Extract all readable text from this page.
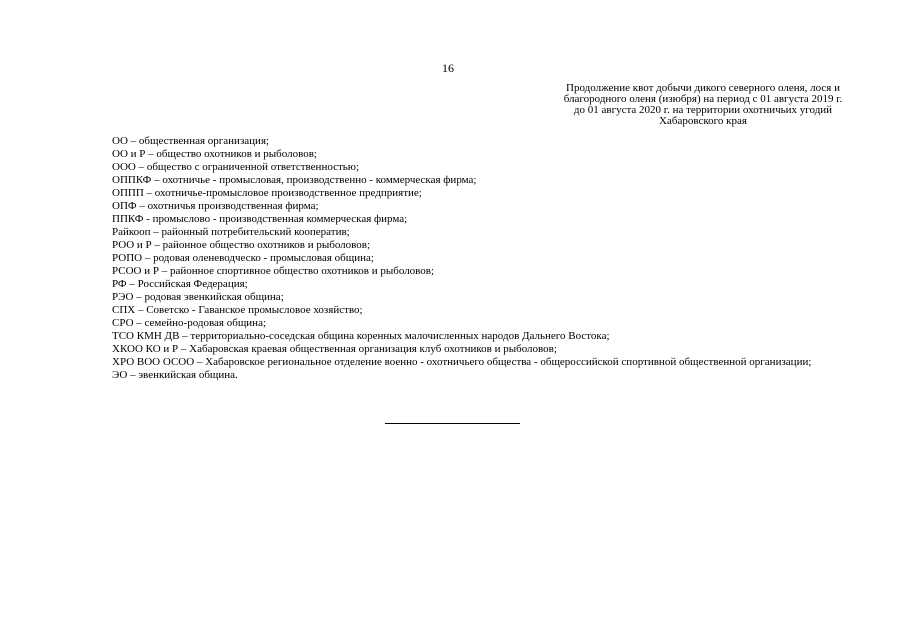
16
Продолжение квот добычи дикого северного оленя, лося и
благородного оленя (изюбря) на период с 01 августа 2019 г.
до 01 августа 2020 г. на территории охотничьих угодий
Хабаровского края
ОО – общественная организация;
ОО и Р – общество охотников и рыболовов;
ООО – общество с ограниченной ответственностью;
ОППКФ – охотничье - промысловая, производственно - коммерческая фирма;
ОППП – охотничье-промысловое производственное предприятие;
ОПФ – охотничья производственная фирма;
ППКФ - промыслово - производственная коммерческая фирма;
Райкооп – районный потребительский кооператив;
РОО и Р – районное общество охотников и рыболовов;
РОПО – родовая оленеводческо - промысловая община;
РСОО и Р – районное спортивное общество охотников и рыболовов;
РФ – Российская Федерация;
РЭО – родовая эвенкийская община;
СПХ – Советско - Гаванское промысловое хозяйство;
СРО – семейно-родовая община;
ТСО КМН ДВ – территориально-соседская община коренных малочисленных народов Дальнего Востока;
ХКОО КО и Р – Хабаровская краевая общественная организация клуб охотников и рыболовов;
ХРО ВОО ОСОО – Хабаровское региональное отделение военно - охотничьего общества - общероссийской спортивной общественной организации;
ЭО – эвенкийская община.
